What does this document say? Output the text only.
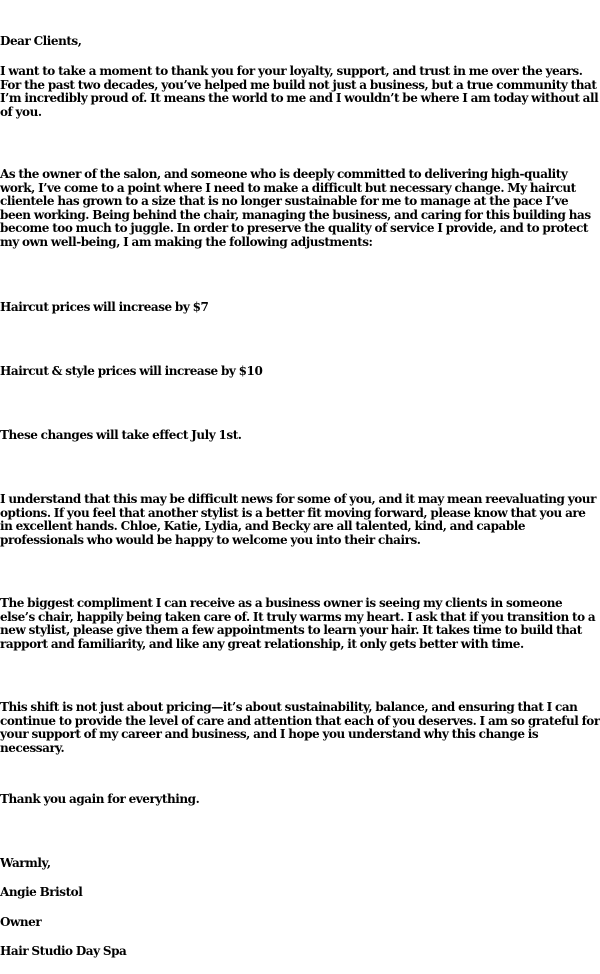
Dear Clients,

I want to take a moment to thank you for your loyalty, support, and trust in me over the years. For the past two decades, you’ve helped me build not just a business, but a true community that I’m incredibly proud of. It means the world to me and I wouldn’t be where I am today without all of you.

As the owner of the salon, and someone who is deeply committed to delivering high-quality work, I’ve come to a point where I need to make a difficult but necessary change. My haircut clientele has grown to a size that is no longer sustainable for me to manage at the pace I’ve been working. Being behind the chair, managing the business, and caring for this building has become too much to juggle. In order to preserve the quality of service I provide, and to protect my own well-being, I am making the following adjustments:

Haircut prices will increase by $7

Haircut & style prices will increase by $10

These changes will take effect July 1st.

I understand that this may be difficult news for some of you, and it may mean reevaluating your options. If you feel that another stylist is a better fit moving forward, please know that you are in excellent hands. Chloe, Katie, Lydia, and Becky are all talented, kind, and capable professionals who would be happy to welcome you into their chairs.

The biggest compliment I can receive as a business owner is seeing my clients in someone else’s chair, happily being taken care of. It truly warms my heart. I ask that if you transition to a new stylist, please give them a few appointments to learn your hair. It takes time to build that rapport and familiarity, and like any great relationship, it only gets better with time.

This shift is not just about pricing—it’s about sustainability, balance, and ensuring that I can continue to provide the level of care and attention that each of you deserves. I am so grateful for your support of my career and business, and I hope you understand why this change is necessary.

Thank you again for everything.

Warmly,

Angie Bristol

Owner

Hair Studio Day Spa
